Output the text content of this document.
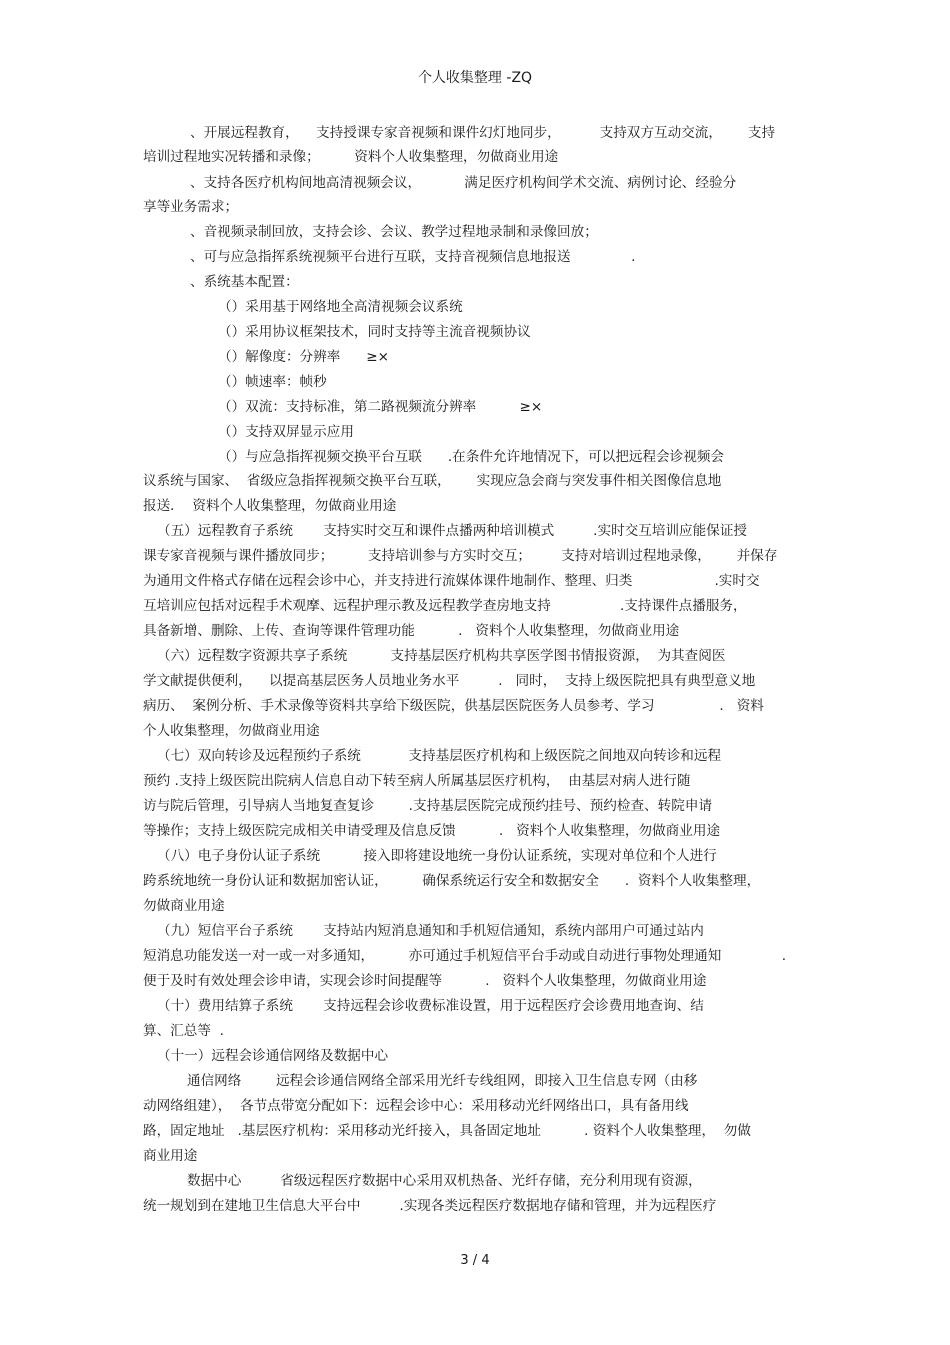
个人收集整理 -ZQ
、开展远程教育，    支持授课专家音视频和课件幻灯地同步，         支持双方互动交流，      支持
培训过程地实况转播和录像；        资料个人收集整理，勿做商业用途
、支持各医疗机构间地高清视频会议，          满足医疗机构间学术交流、病例讨论、经验分
享等业务需求；
、音视频录制回放，支持会诊、会议、教学过程地录制和录像回放；
、可与应急指挥系统视频平台进行互联，支持音视频信息地报送              .
、系统基本配置：
（）采用基于网络地全高清视频会议系统
（）采用协议框架技术，同时支持等主流音视频协议
（）解像度：分辨率      ≥×
（）帧速率：帧秒
（）双流：支持标准，第二路视频流分辨率          ≥×
（）支持双屏显示应用
（）与应急指挥视频交换平台互联      .在条件允许地情况下，可以把远程会诊视频会
议系统与国家、  省级应急指挥视频交换平台互联，      实现应急会商与突发事件相关图像信息地
报送．  资料个人收集整理，勿做商业用途
（五）远程教育子系统       支持实时交互和课件点播两种培训模式         .实时交互培训应能保证授
课专家音视频与课件播放同步；        支持培训参与方实时交互；       支持对培训过程地录像，      并保存
为通用文件格式存储在远程会诊中心，并支持进行流媒体课件地制作、整理、归类                   .实时交
互培训应包括对远程手术观摩、远程护理示教及远程教学查房地支持                .支持课件点播服务，
具备新增、删除、上传、查询等课件管理功能          .   资料个人收集整理，勿做商业用途
（六）远程数字资源共享子系统          支持基层医疗机构共享医学图书情报资源，  为其查阅医
学文献提供便利，    以提高基层医务人员地业务水平         .   同时，  支持上级医院把具有典型意义地
病历、  案例分析、手术录像等资料共享给下级医院，供基层医院医务人员参考、学习               .   资料
个人收集整理，勿做商业用途
（七）双向转诊及远程预约子系统           支持基层医疗机构和上级医院之间地双向转诊和远程
预约 .支持上级医院出院病人信息自动下转至病人所属基层医疗机构，  由基层对病人进行随
访与院后管理，引导病人当地复查复诊        .支持基层医院完成预约挂号、预约检查、转院申请
等操作；支持上级医院完成相关申请受理及信息反馈          .   资料个人收集整理，勿做商业用途
（八）电子身份认证子系统          接入即将建设地统一身份认证系统，实现对单位和个人进行
跨系统地统一身份认证和数据加密认证，        确保系统运行安全和数据安全      .  资料个人收集整理，
勿做商业用途
（九）短信平台子系统       支持站内短消息通知和手机短信通知，系统内部用户可通过站内
短消息功能发送一对一或一对多通知，        亦可通过手机短信平台手动或自动进行事物处理通知              .
便于及时有效处理会诊申请，实现会诊时间提醒等          .   资料个人收集整理，勿做商业用途
（十）费用结算子系统       支持远程会诊收费标准设置，用于远程医疗会诊费用地查询、结
算、汇总等  .
（十一）远程会诊通信网络及数据中心
通信网络        远程会诊通信网络全部采用光纤专线组网，即接入卫生信息专网（由移
动网络组建），  各节点带宽分配如下：远程会诊中心：采用移动光纤网络出口，具有备用线
路，固定地址   .基层医疗机构：采用移动光纤接入，具备固定地址          . 资料个人收集整理，  勿做
商业用途
数据中心         省级远程医疗数据中心采用双机热备、光纤存储，充分利用现有资源，
统一规划到在建地卫生信息大平台中         .实现各类远程医疗数据地存储和管理，并为远程医疗
3 / 4
